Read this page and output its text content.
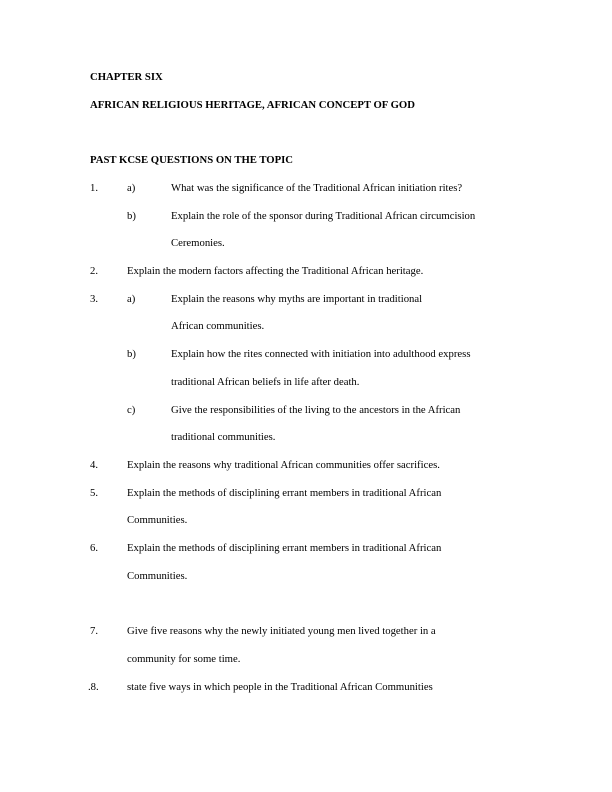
CHAPTER SIX
AFRICAN RELIGIOUS HERITAGE, AFRICAN CONCEPT OF GOD
PAST KCSE QUESTIONS ON THE TOPIC
1.	a)	What was the significance of the Traditional African initiation rites?
b)	Explain the role of the sponsor during Traditional African circumcision
Ceremonies.
2.	Explain the modern factors affecting the Traditional African heritage.
3.	a)	Explain the reasons why myths are important in traditional
African communities.
b)	Explain how the rites connected with initiation into adulthood express
traditional African beliefs in life after death.
c)	Give the responsibilities of the living to the ancestors in the African
traditional communities.
4.	Explain the reasons why traditional African communities offer sacrifices.
5.	Explain the methods of disciplining errant members in traditional African
Communities.
6.	Explain the methods of disciplining errant members in traditional African
Communities.
7.	Give five reasons why the newly initiated young men lived together in a
community for some time.
.8.	state five ways in which people in the Traditional African Communities
